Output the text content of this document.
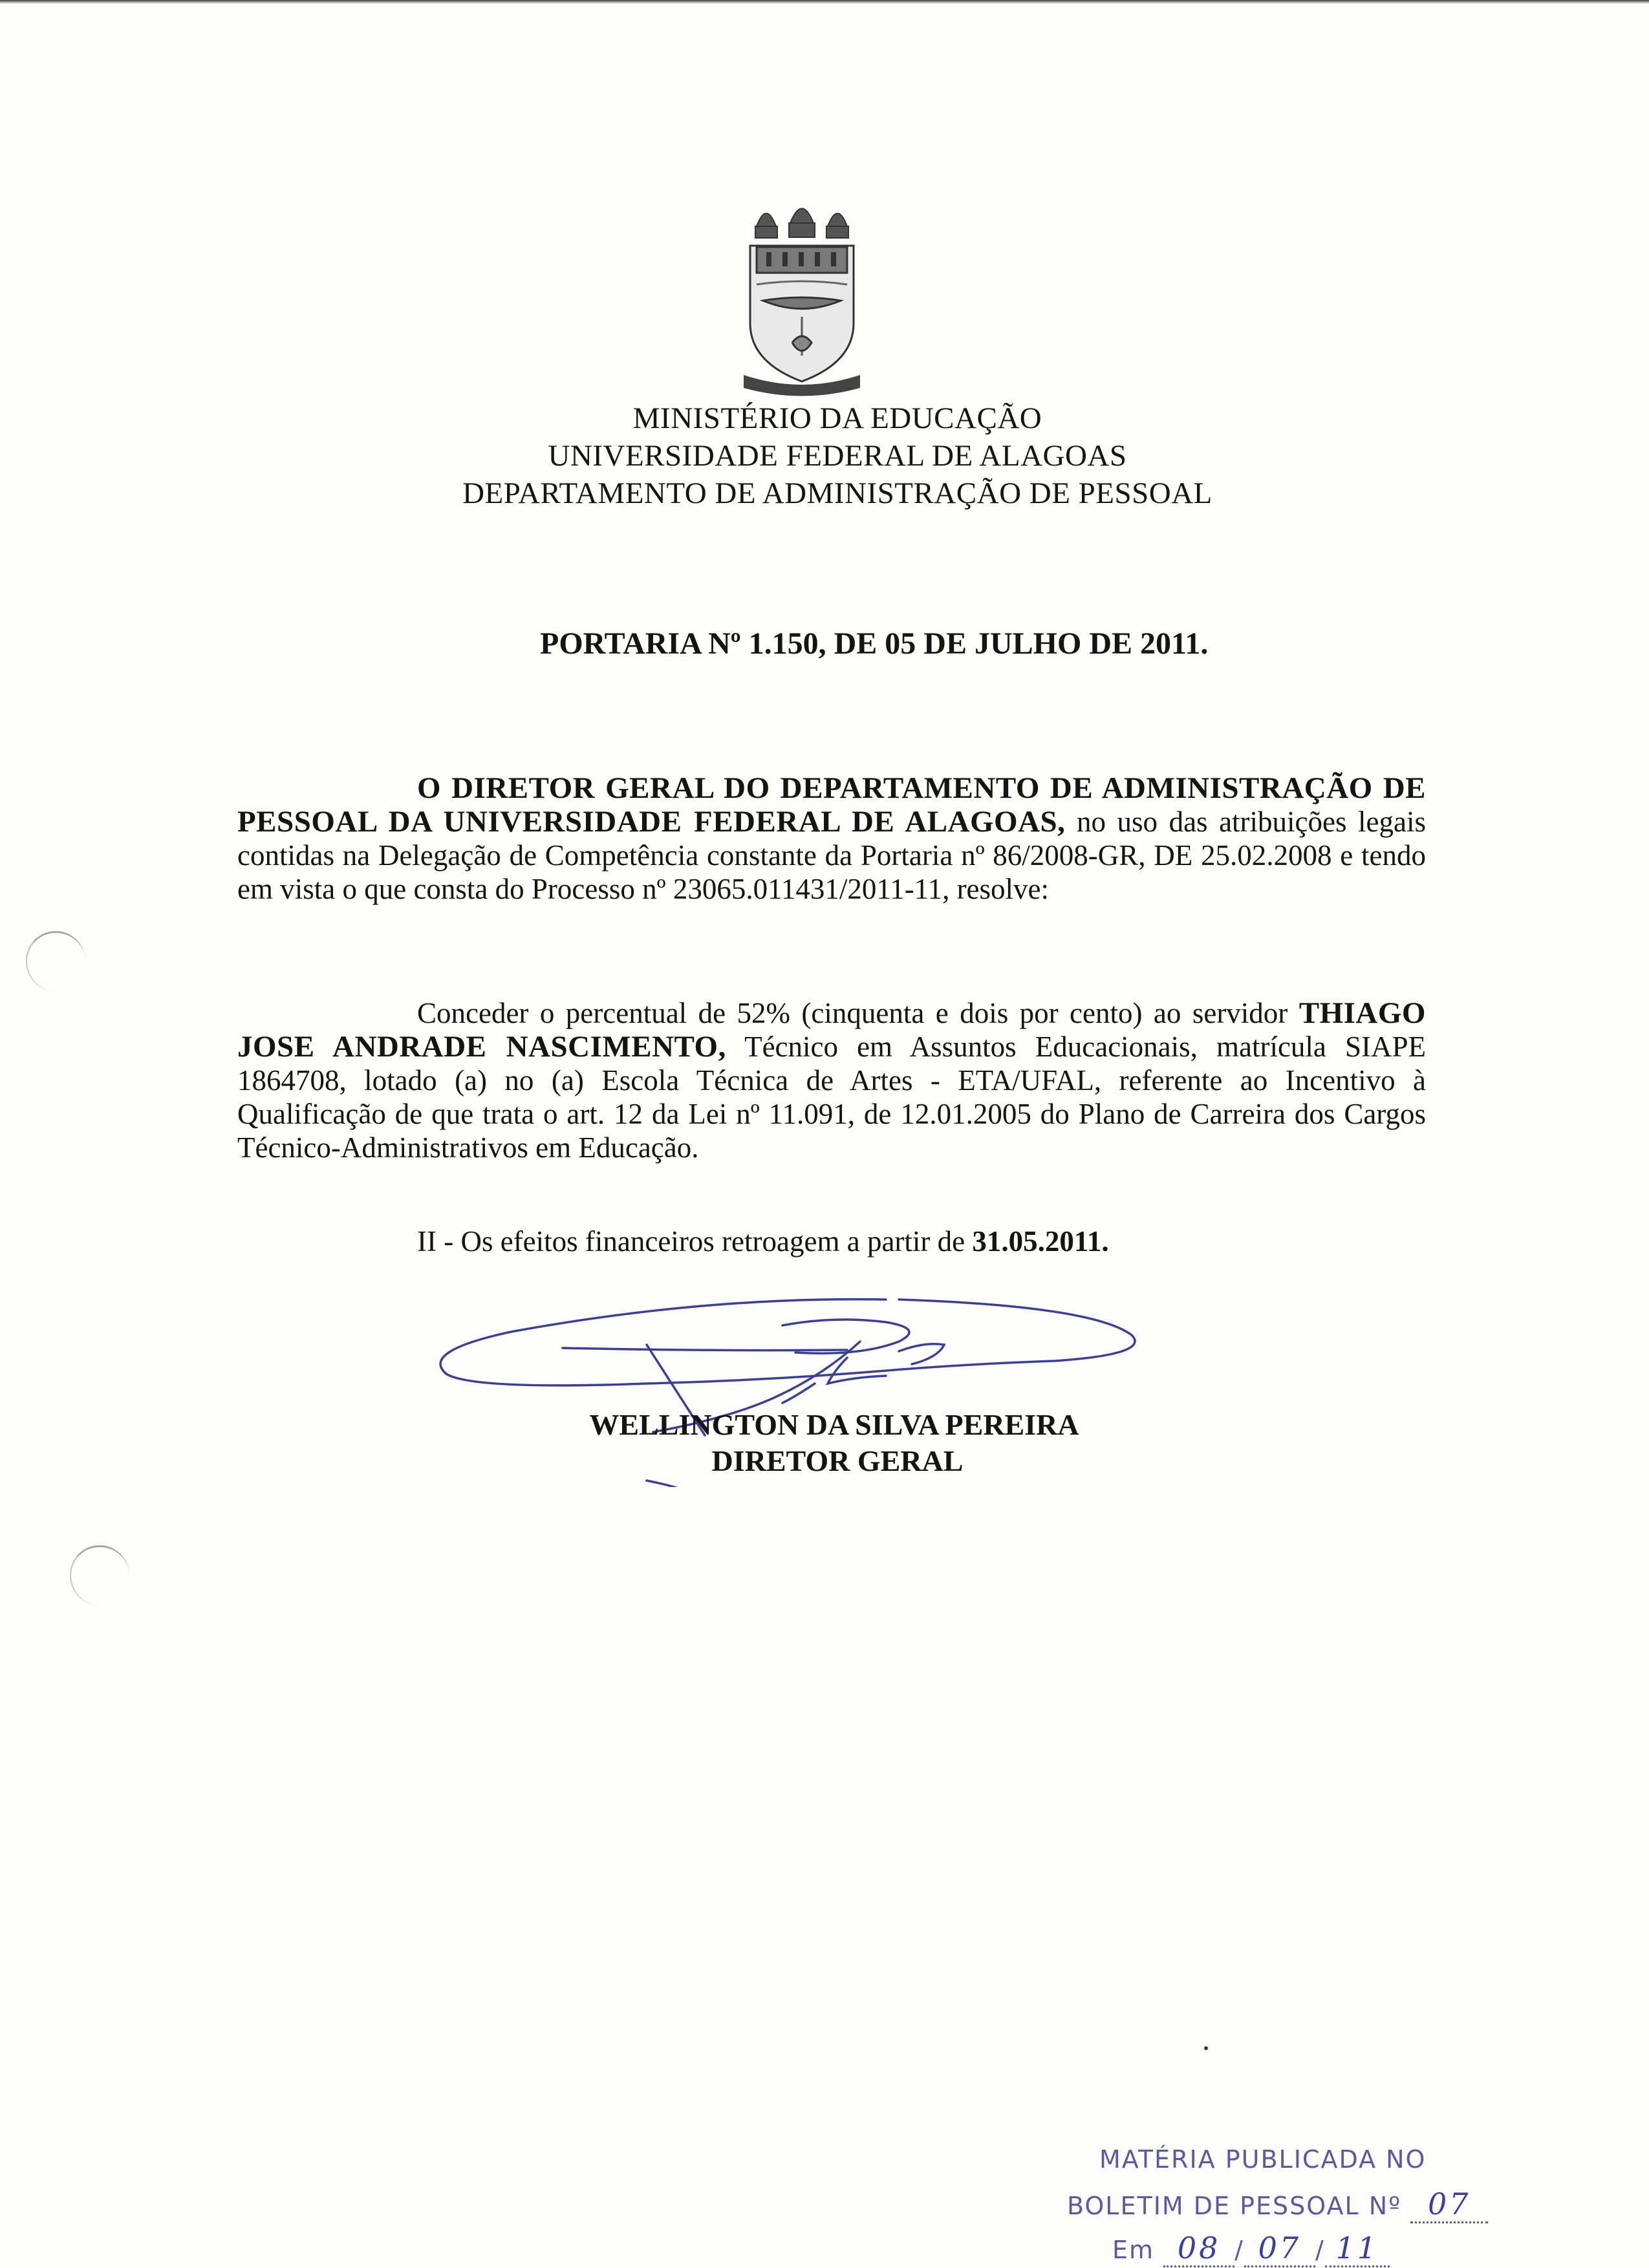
MINISTÉRIO DA EDUCAÇÃO
UNIVERSIDADE FEDERAL DE ALAGOAS
DEPARTAMENTO DE ADMINISTRAÇÃO DE PESSOAL
PORTARIA Nº 1.150, DE 05 DE JULHO DE 2011.
O DIRETOR GERAL DO DEPARTAMENTO DE ADMINISTRAÇÃO DE PESSOAL DA UNIVERSIDADE FEDERAL DE ALAGOAS, no uso das atribuições legais contidas na Delegação de Competência constante da Portaria nº 86/2008-GR, DE 25.02.2008 e tendo em vista o que consta do Processo nº 23065.011431/2011-11, resolve:
Conceder o percentual de 52% (cinquenta e dois por cento) ao servidor THIAGO JOSE ANDRADE NASCIMENTO, Técnico em Assuntos Educacionais, matrícula SIAPE 1864708, lotado (a) no (a) Escola Técnica de Artes - ETA/UFAL, referente ao Incentivo à Qualificação de que trata o art. 12 da Lei nº 11.091, de 12.01.2005 do Plano de Carreira dos Cargos Técnico-Administrativos em Educação.
II - Os efeitos financeiros retroagem a partir de 31.05.2011.
WELLINGTON DA SILVA PEREIRA
DIRETOR GERAL
MATÉRIA PUBLICADA NO
BOLETIM DE PESSOAL Nº 07
Em 08 / 07 / 11
